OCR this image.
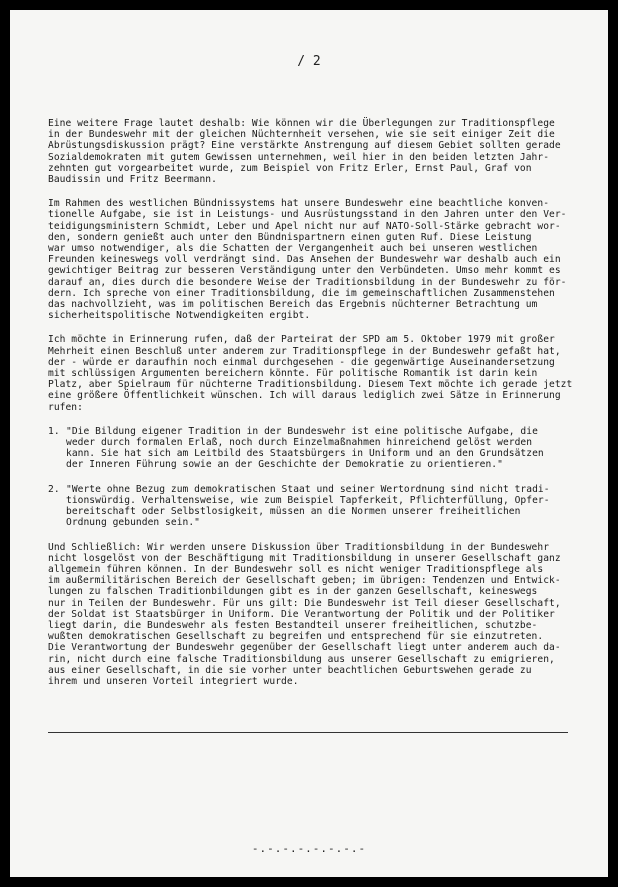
/ 2
Eine weitere Frage lautet deshalb: Wie können wir die Überlegungen zur Traditionspflege
in der Bundeswehr mit der gleichen Nüchternheit versehen, wie sie seit einiger Zeit die
Abrüstungsdiskussion prägt? Eine verstärkte Anstrengung auf diesem Gebiet sollten gerade
Sozialdemokraten mit gutem Gewissen unternehmen, weil hier in den beiden letzten Jahr-
zehnten gut vorgearbeitet wurde, zum Beispiel von Fritz Erler, Ernst Paul, Graf von
Baudissin und Fritz Beermann.
Im Rahmen des westlichen Bündnissystems hat unsere Bundeswehr eine beachtliche konven-
tionelle Aufgabe, sie ist in Leistungs- und Ausrüstungsstand in den Jahren unter den Ver-
teidigungsministern Schmidt, Leber und Apel nicht nur auf NATO-Soll-Stärke gebracht wor-
den, sondern genießt auch unter den Bündnispartnern einen guten Ruf. Diese Leistung
war umso notwendiger, als die Schatten der Vergangenheit auch bei unseren westlichen
Freunden keineswegs voll verdrängt sind. Das Ansehen der Bundeswehr war deshalb auch ein
gewichtiger Beitrag zur besseren Verständigung unter den Verbündeten. Umso mehr kommt es
darauf an, dies durch die besondere Weise der Traditionsbildung in der Bundeswehr zu för-
dern. Ich spreche von einer Traditionsbildung, die im gemeinschaftlichen Zusammenstehen
das nachvollzieht, was im politischen Bereich das Ergebnis nüchterner Betrachtung um
sicherheitspolitische Notwendigkeiten ergibt.
Ich möchte in Erinnerung rufen, daß der Parteirat der SPD am 5. Oktober 1979 mit großer
Mehrheit einen Beschluß unter anderem zur Traditionspflege in der Bundeswehr gefaßt hat,
der - würde er daraufhin noch einmal durchgesehen - die gegenwärtige Auseinandersetzung
mit schlüssigen Argumenten bereichern könnte. Für politische Romantik ist darin kein
Platz, aber Spielraum für nüchterne Traditionsbildung. Diesem Text möchte ich gerade jetzt
eine größere Öffentlichkeit wünschen. Ich will daraus lediglich zwei Sätze in Erinnerung
rufen:
1. "Die Bildung eigener Tradition in der Bundeswehr ist eine politische Aufgabe, die
weder durch formalen Erlaß, noch durch Einzelmaßnahmen hinreichend gelöst werden
kann. Sie hat sich am Leitbild des Staatsbürgers in Uniform und an den Grundsätzen
der Inneren Führung sowie an der Geschichte der Demokratie zu orientieren."
2. "Werte ohne Bezug zum demokratischen Staat und seiner Wertordnung sind nicht tradi-
tionswürdig. Verhaltensweise, wie zum Beispiel Tapferkeit, Pflichterfüllung, Opfer-
bereitschaft oder Selbstlosigkeit, müssen an die Normen unserer freiheitlichen
Ordnung gebunden sein."
Und Schließlich: Wir werden unsere Diskussion über Traditionsbildung in der Bundeswehr
nicht losgelöst von der Beschäftigung mit Traditionsbildung in unserer Gesellschaft ganz
allgemein führen können. In der Bundeswehr soll es nicht weniger Traditionspflege als
im außermilitärischen Bereich der Gesellschaft geben; im übrigen: Tendenzen und Entwick-
lungen zu falschen Traditionbildungen gibt es in der ganzen Gesellschaft, keineswegs
nur in Teilen der Bundeswehr. Für uns gilt: Die Bundeswehr ist Teil dieser Gesellschaft,
der Soldat ist Staatsbürger in Uniform. Die Verantwortung der Politik und der Politiker
liegt darin, die Bundeswehr als festen Bestandteil unserer freiheitlichen, schutzbe-
wußten demokratischen Gesellschaft zu begreifen und entsprechend für sie einzutreten.
Die Verantwortung der Bundeswehr gegenüber der Gesellschaft liegt unter anderem auch da-
rin, nicht durch eine falsche Traditionsbildung aus unserer Gesellschaft zu emigrieren,
aus einer Gesellschaft, in die sie vorher unter beachtlichen Geburtswehen gerade zu
ihrem und unseren Vorteil integriert wurde.
-.-.-.-.-.-.-.-
